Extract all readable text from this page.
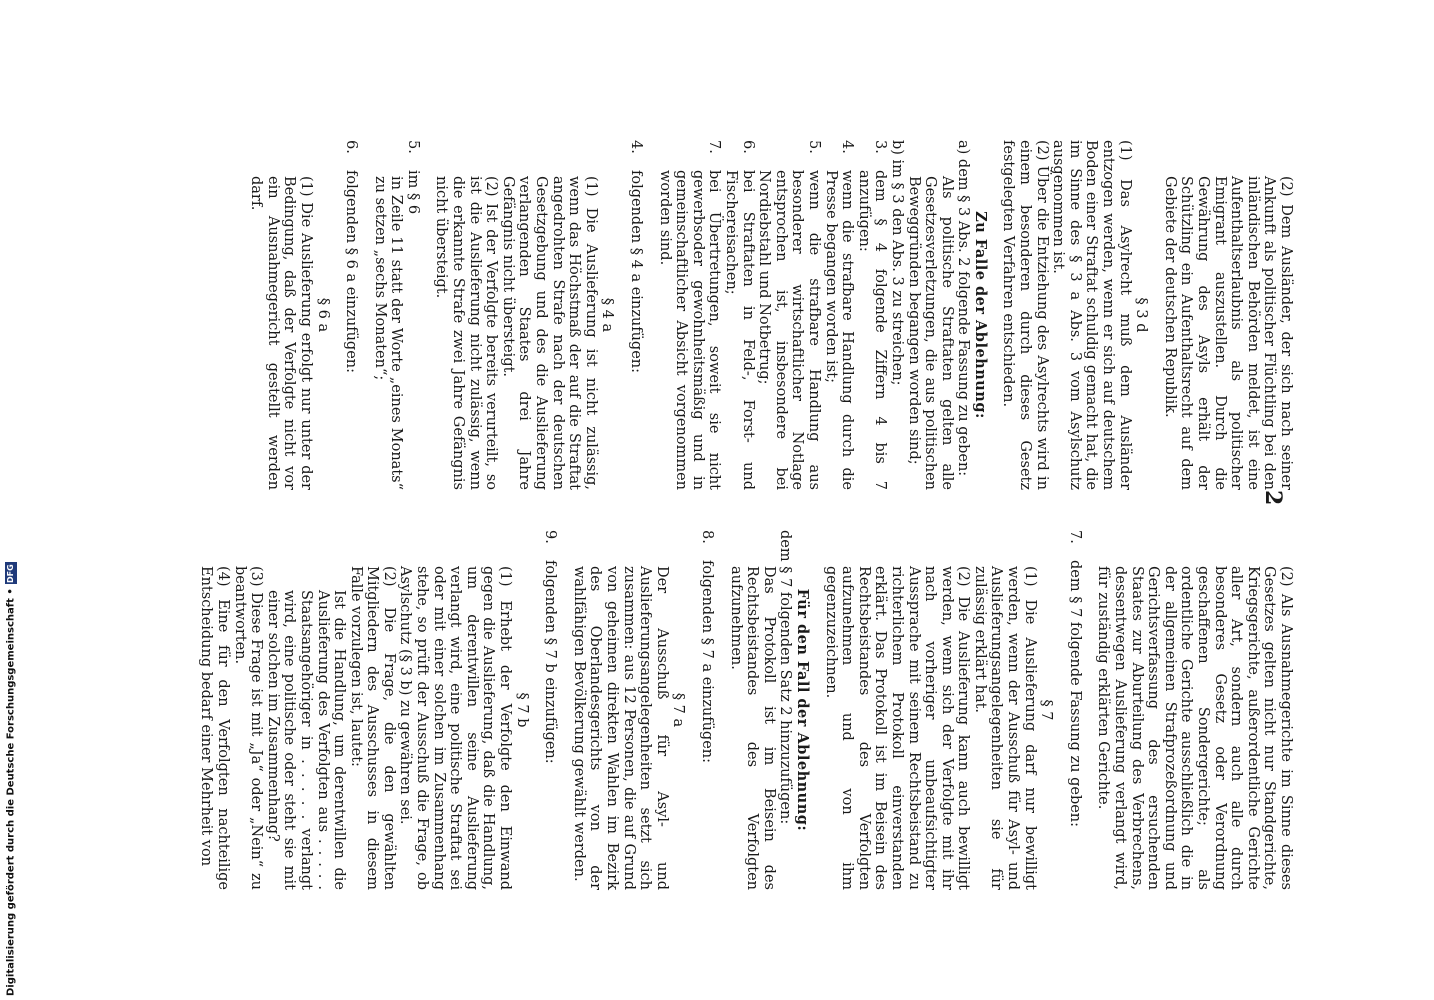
2

(2) Dem Ausländer, der sich nach seiner Ankunft als politischer Flüchtling bei den inländischen Behörden meldet, ist eine Aufenthaltserlaubnis als politischer Emigrant auszustellen. Durch die Gewährung des Asyls erhält der Schützling ein Aufenthaltsrecht auf dem Gebiete der deutschen Republik.

§ 3 d

(1) Das Asylrecht muß dem Ausländer entzogen werden, wenn er sich auf deutschem Boden einer Straftat schuldig gemacht hat, die im Sinne des § 3 a Abs. 3 vom Asylschutz ausgenommen ist.

(2) Über die Entziehung des Asylrechts wird in einem besonderen durch dieses Gesetz festgelegten Verfahren entschieden.

Zu Falle der Ablehnung:

a) dem § 3 Abs. 2 folgende Fassung zu geben:

Als politische Straftaten gelten alle Gesetzesverletzungen, die aus politischen Beweggründen begangen worden sind;

b) im § 3 den Abs. 3 zu streichen;

3.
dem § 4 folgende Ziffern 4 bis 7 anzufügen:
4.
wenn die strafbare Handlung durch die Presse begangen worden ist;
5.
wenn die strafbare Handlung aus besonderer wirtschaftlicher Notlage entsprochen ist, insbesondere bei Nordiebstahl und Notbetrug;
6.
bei Straftaten in Feld-, Forst- und Fischereisachen;
7.
bei Übertretungen, soweit sie nicht gewerbsoder gewohnheitsmäßig und in gemeinschaftlicher Absicht vorgenommen worden sind.
4.
folgenden § 4 a einzufügen:

§ 4 a

(1) Die Auslieferung ist nicht zulässig, wenn das Höchstmaß der auf die Straftat angedrohten Strafe nach der deutschen Gesetzgebung und des die Auslieferung verlangenden Staates drei Jahre Gefängnis nicht übersteigt.

(2) Ist der Verfolgte bereits verurteilt, so ist die Auslieferung nicht zulässig, wenn die erkannte Strafe zwei Jahre Gefängnis nicht übersteigt.

5.
im § 6

in Zeile 11 statt der Worte „eines Monats“ zu setzen „sechs Monaten“;

6.
folgenden § 6 a einzufügen:

§ 6 a

(1) Die Auslieferung erfolgt nur unter der Bedingung, daß der Verfolgte nicht vor ein Ausnahmegericht gestellt werden darf.

(2) Als Ausnahmegerichte im Sinne dieses Gesetzes gelten nicht nur Standgerichte, Kriegsgerichte, außerordentliche Gerichte aller Art, sondern auch alle durch besonderes Gesetz oder Verordnung geschaffenen Sondergerichte; als ordentliche Gerichte ausschließlich die in der allgemeinen Strafprozeßordnung und Gerichtsverfassung des ersuchenden Staates zur Aburteilung des Verbrechens, dessentwegen Auslieferung verlangt wird, für zuständig erklärten Gerichte.

7.
dem § 7 folgende Fassung zu geben:

§ 7

(1) Die Auslieferung darf nur bewilligt werden, wenn der Ausschuß für Asyl- und Auslieferungsangelegenheiten sie für zulässig erklärt hat.

(2) Die Auslieferung kann auch bewilligt werden, wenn sich der Verfolgte mit ihr nach vorheriger unbeaufsichtigter Aussprache mit seinem Rechtsbeistand zu richterlichem Protokoll einverstanden erklärt. Das Protokoll ist im Beisein des Rechtsbeistandes des Verfolgten aufzunehmen und von ihm gegenzuzeichnen.

Für den Fall der Ablehnung:

dem § 7 folgenden Satz 2 hinzuzufügen:

Das Protokoll ist im Beisein des Rechtsbeistandes des Verfolgten aufzunehmen.

8.
folgenden § 7 a einzufügen:

§ 7 a

Der Ausschuß für Asyl- und Auslieferungsangelegenheiten setzt sich zusammen: aus 12 Personen, die auf Grund von geheimen direkten Wahlen im Bezirk des Oberlandesgerichts von der wahlfähigen Bevölkerung gewählt werden.

9.
folgenden § 7 b einzufügen:

§ 7 b

(1) Erhebt der Verfolgte den Einwand gegen die Auslieferung, daß die Handlung, um derentwillen seine Auslieferung verlangt wird, eine politische Straftat sei oder mit einer solchen im Zusammenhang stehe, so prüft der Ausschuß die Frage, ob Asylschutz (§ 3 b) zu gewähren sei.

(2) Die Frage, die den gewählten Mitgliedern des Ausschusses in diesem Falle vorzulegen ist, lautet:

Ist die Handlung, um derentwillen die Auslieferung des Verfolgten aus . . . . . Staatsangehöriger in . . . . . verlangt wird, eine politische oder steht sie mit einer solchen im Zusammenhang?

(3) Diese Frage ist mit „Ja“ oder „Nein“ zu beantworten.

(4) Eine für den Verfolgten nachteilige Entscheidung bedarf einer Mehrheit von

Digitalisierung gefördert durch die Deutsche Forschungsgemeinschaft •
DFG
